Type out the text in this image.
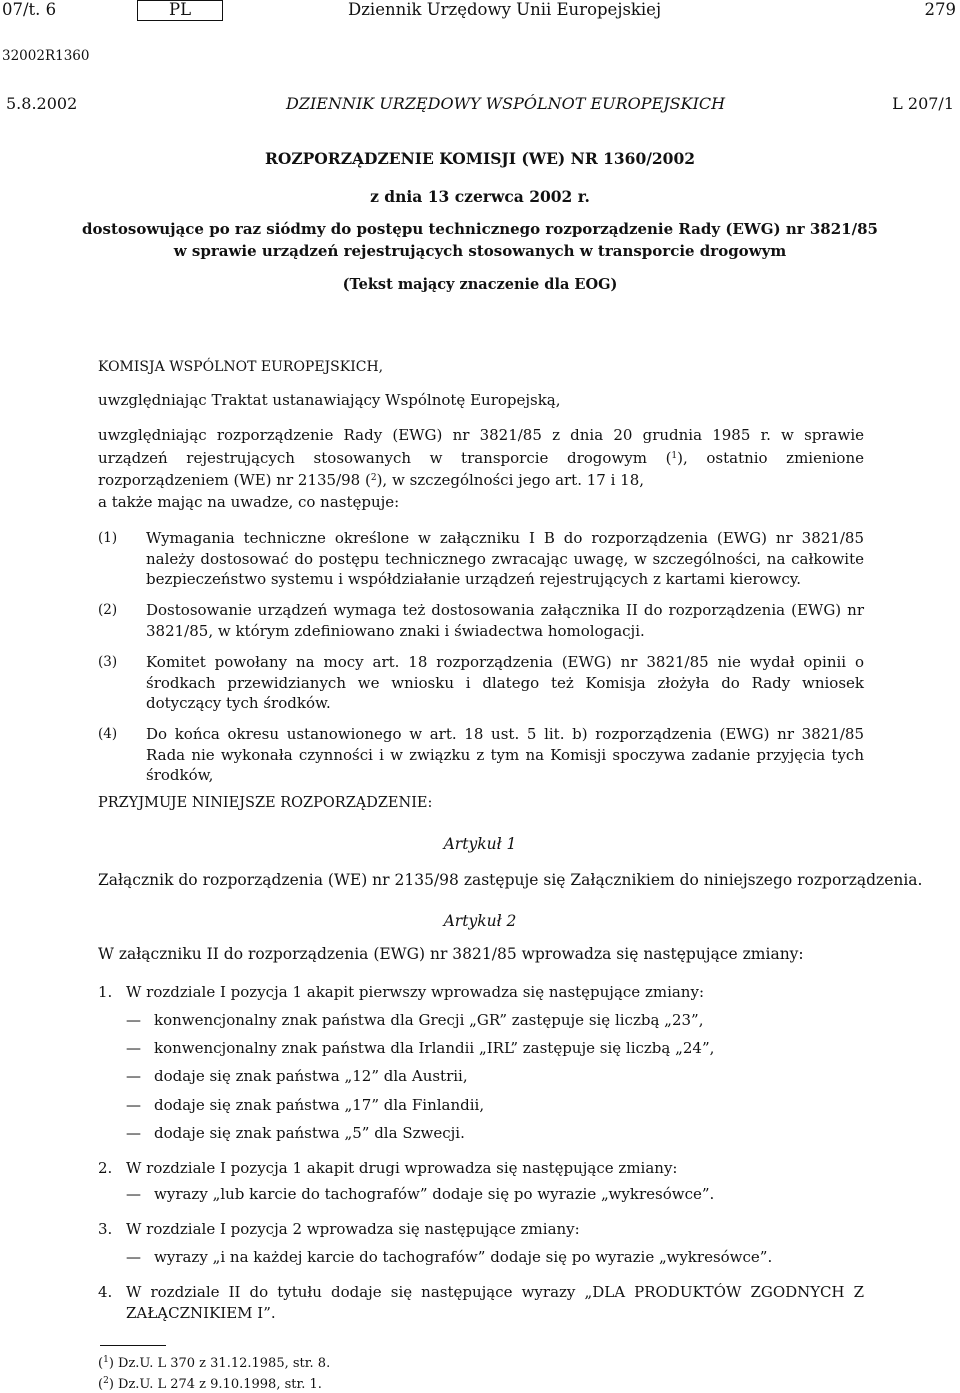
07/t. 6	PL	Dziennik Urzędowy Unii Europejskiej	279
32002R1360
5.8.2002	DZIENNIK URZĘDOWY WSPÓLNOT EUROPEJSKICH	L 207/1
ROZPORZĄDZENIE KOMISJI (WE) NR 1360/2002
z dnia 13 czerwca 2002 r.
dostosowujące po raz siódmy do postępu technicznego rozporządzenie Rady (EWG) nr 3821/85
w sprawie urządzeń rejestrujących stosowanych w transporcie drogowym
(Tekst mający znaczenie dla EOG)
KOMISJA WSPÓLNOT EUROPEJSKICH,
uwzględniając Traktat ustanawiający Wspólnotę Europejską,
uwzględniając rozporządzenie Rady (EWG) nr 3821/85 z dnia 20 grudnia 1985 r. w sprawie urządzeń rejestrujących stosowanych w transporcie drogowym ($^1$), ostatnio zmienione rozporządzeniem (WE) nr 2135/98 ($^2$), w szczególności jego art. 17 i 18,
a także mając na uwadze, co następuje:
(1) Wymagania techniczne określone w załączniku I B do rozporządzenia (EWG) nr 3821/85 należy dostosować do postępu technicznego zwracając uwagę, w szczególności, na całkowite bezpieczeństwo systemu i współdziałanie urządzeń rejestrujących z kartami kierowcy.
(2) Dostosowanie urządzeń wymaga też dostosowania załącznika II do rozporządzenia (EWG) nr 3821/85, w którym zdefiniowano znaki i świadectwa homologacji.
(3) Komitet powołany na mocy art. 18 rozporządzenia (EWG) nr 3821/85 nie wydał opinii o środkach przewidzianych we wniosku i dlatego też Komisja złożyła do Rady wniosek dotyczący tych środków.
(4) Do końca okresu ustanowionego w art. 18 ust. 5 lit. b) rozporządzenia (EWG) nr 3821/85 Rada nie wykonała czynności i w związku z tym na Komisji spoczywa zadanie przyjęcia tych środków,
PRZYJMUJE NINIEJSZE ROZPORZĄDZENIE:
Artykuł 1
Załącznik do rozporządzenia (WE) nr 2135/98 zastępuje się Załącznikiem do niniejszego rozporządzenia.
Artykuł 2
W załączniku II do rozporządzenia (EWG) nr 3821/85 wprowadza się następujące zmiany:
1. W rozdziale I pozycja 1 akapit pierwszy wprowadza się następujące zmiany:
— konwencjonalny znak państwa dla Grecji „GR” zastępuje się liczbą „23”,
— konwencjonalny znak państwa dla Irlandii „IRL” zastępuje się liczbą „24”,
— dodaje się znak państwa „12” dla Austrii,
— dodaje się znak państwa „17” dla Finlandii,
— dodaje się znak państwa „5” dla Szwecji.
2. W rozdziale I pozycja 1 akapit drugi wprowadza się następujące zmiany:
— wyrazy „lub karcie do tachografów” dodaje się po wyrazie „wykresówce”.
3. W rozdziale I pozycja 2 wprowadza się następujące zmiany:
— wyrazy „i na każdej karcie do tachografów” dodaje się po wyrazie „wykresówce”.
4. W rozdziale II do tytułu dodaje się następujące wyrazy „DLA PRODUKTÓW ZGODNYCH Z ZAŁĄCZNIKIEM I”.
($^1$) Dz.U. L 370 z 31.12.1985, str. 8.
($^2$) Dz.U. L 274 z 9.10.1998, str. 1.
